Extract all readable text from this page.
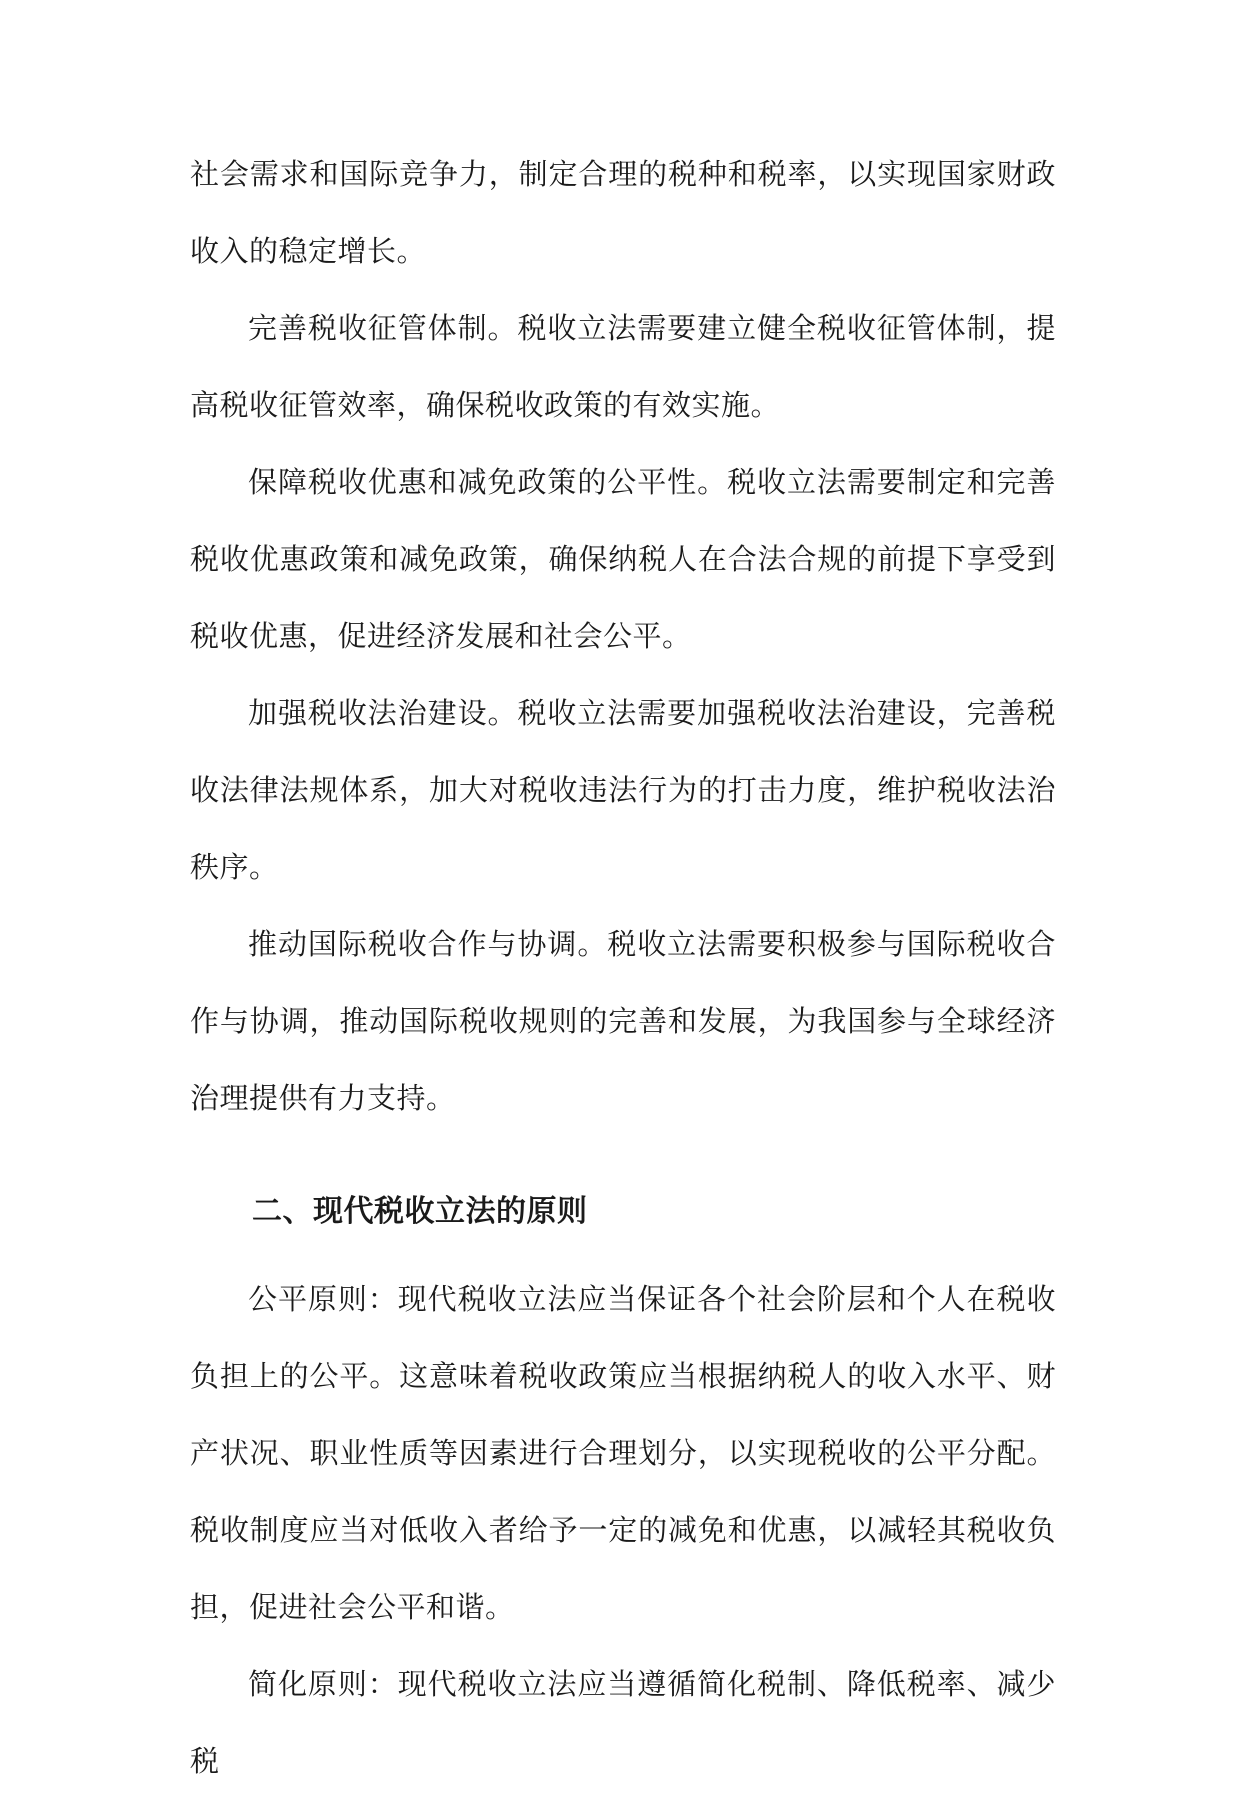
社会需求和国际竞争力，制定合理的税种和税率，以实现国家财政收入的稳定增长。

完善税收征管体制。税收立法需要建立健全税收征管体制，提高税收征管效率，确保税收政策的有效实施。

保障税收优惠和减免政策的公平性。税收立法需要制定和完善税收优惠政策和减免政策，确保纳税人在合法合规的前提下享受到税收优惠，促进经济发展和社会公平。

加强税收法治建设。税收立法需要加强税收法治建设，完善税收法律法规体系，加大对税收违法行为的打击力度，维护税收法治秩序。

推动国际税收合作与协调。税收立法需要积极参与国际税收合作与协调，推动国际税收规则的完善和发展，为我国参与全球经济治理提供有力支持。

二、现代税收立法的原则

公平原则：现代税收立法应当保证各个社会阶层和个人在税收负担上的公平。这意味着税收政策应当根据纳税人的收入水平、财产状况、职业性质等因素进行合理划分，以实现税收的公平分配。税收制度应当对低收入者给予一定的减免和优惠，以减轻其税收负担，促进社会公平和谐。

简化原则：现代税收立法应当遵循简化税制、降低税率、减少税
